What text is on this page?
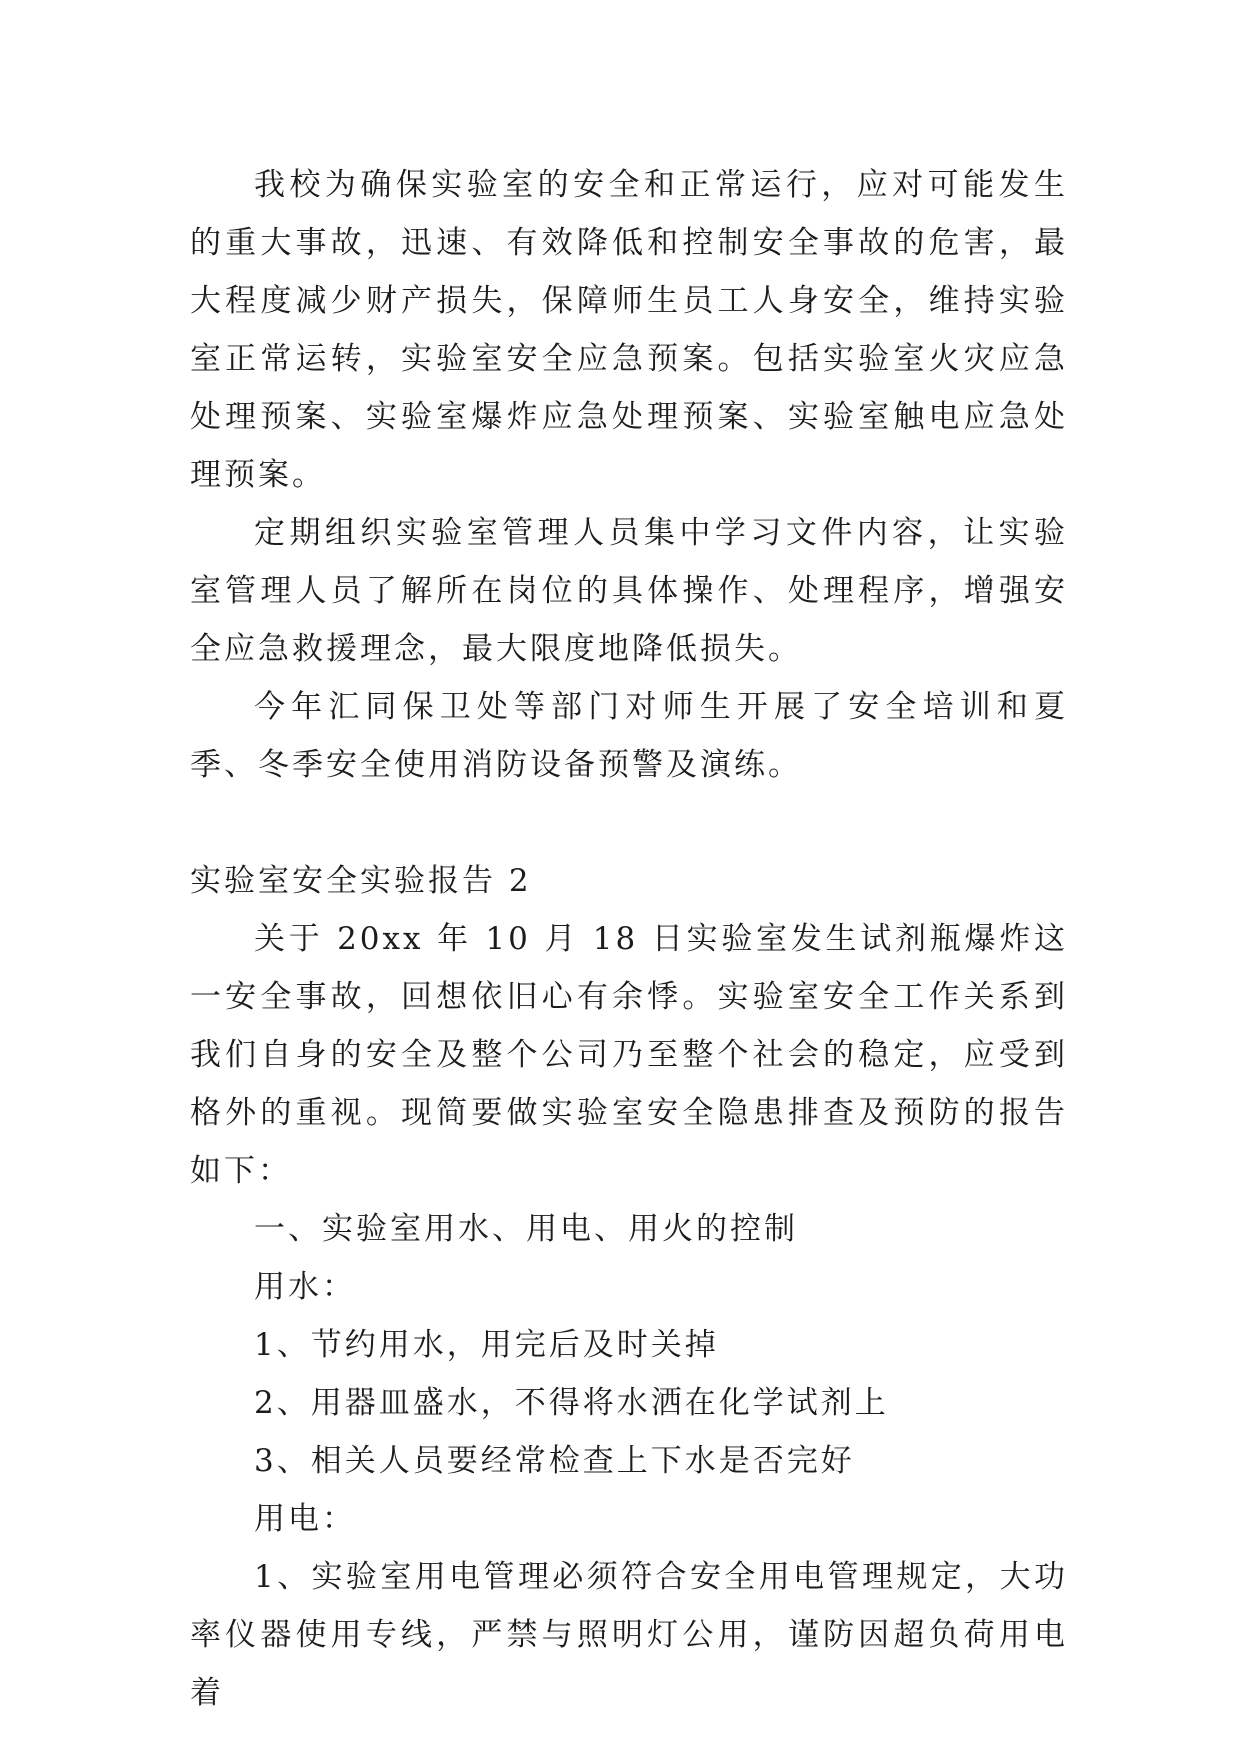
我校为确保实验室的安全和正常运行，应对可能发生的重大事故，迅速、有效降低和控制安全事故的危害，最大程度减少财产损失，保障师生员工人身安全，维持实验室正常运转，实验室安全应急预案。包括实验室火灾应急处理预案、实验室爆炸应急处理预案、实验室触电应急处理预案。

定期组织实验室管理人员集中学习文件内容，让实验室管理人员了解所在岗位的具体操作、处理程序，增强安全应急救援理念，最大限度地降低损失。

今年汇同保卫处等部门对师生开展了安全培训和夏季、冬季安全使用消防设备预警及演练。

实验室安全实验报告 2

关于 20xx 年 10 月 18 日实验室发生试剂瓶爆炸这一安全事故，回想依旧心有余悸。实验室安全工作关系到我们自身的安全及整个公司乃至整个社会的稳定，应受到格外的重视。现简要做实验室安全隐患排查及预防的报告如下：

一、实验室用水、用电、用火的控制

用水：

1、节约用水，用完后及时关掉

2、用器皿盛水，不得将水洒在化学试剂上

3、相关人员要经常检查上下水是否完好

用电：

1、实验室用电管理必须符合安全用电管理规定，大功率仪器使用专线，严禁与照明灯公用，谨防因超负荷用电着
